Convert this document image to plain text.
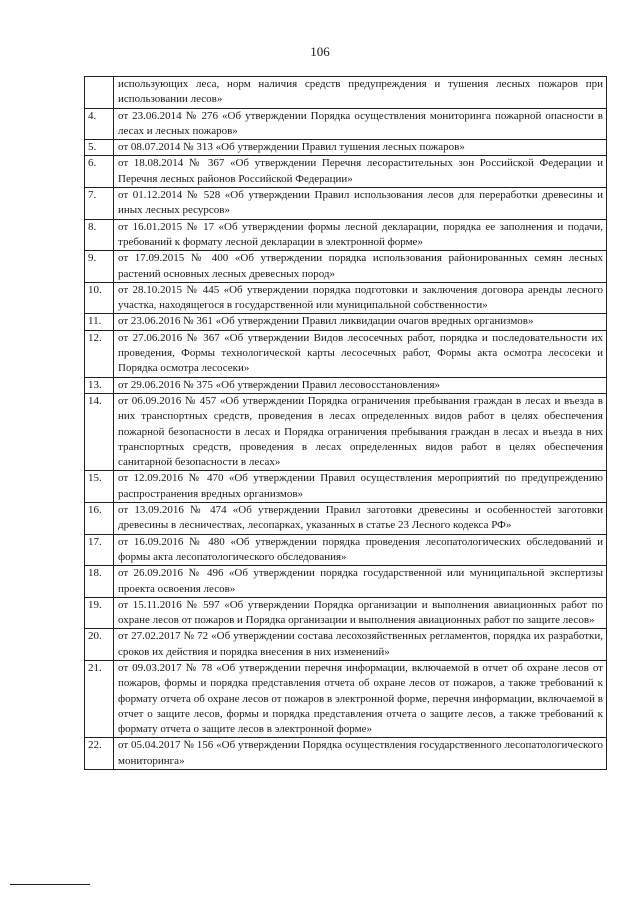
106
	использующих леса, норм наличия средств предупреждения и тушения лесных пожаров при использовании лесов»
4.	от 23.06.2014 № 276 «Об утверждении Порядка осуществления мониторинга пожарной опасности в лесах и лесных пожаров»
5.	от 08.07.2014 № 313 «Об утверждении Правил тушения лесных пожаров»
6.	от 18.08.2014 № 367 «Об утверждении Перечня лесорастительных зон Российской Федерации и Перечня лесных районов Российской Федерации»
7.	от 01.12.2014 № 528 «Об утверждении Правил использования лесов для переработки древесины и иных лесных ресурсов»
8.	от 16.01.2015 № 17 «Об утверждении формы лесной декларации, порядка ее заполнения и подачи, требований к формату лесной декларации в электронной форме»
9.	от 17.09.2015 № 400 «Об утверждении порядка использования районированных семян лесных растений основных лесных древесных пород»
10.	от 28.10.2015 № 445 «Об утверждении порядка подготовки и заключения договора аренды лесного участка, находящегося в государственной или муниципальной собственности»
11.	от 23.06.2016 № 361 «Об утверждении Правил ликвидации очагов вредных организмов»
12.	от 27.06.2016 № 367 «Об утверждении Видов лесосечных работ, порядка и последовательности их проведения, Формы технологической карты лесосечных работ, Формы акта осмотра лесосеки и Порядка осмотра лесосеки»
13.	от 29.06.2016 № 375 «Об утверждении Правил лесовосстановления»
14.	от 06.09.2016 № 457 «Об утверждении Порядка ограничения пребывания граждан в лесах и въезда в них транспортных средств, проведения в лесах определенных видов работ в целях обеспечения пожарной безопасности в лесах и Порядка ограничения пребывания граждан в лесах и въезда в них транспортных средств, проведения в лесах определенных видов работ в целях обеспечения санитарной безопасности в лесах»
15.	от 12.09.2016 № 470 «Об утверждении Правил осуществления мероприятий по предупреждению распространения вредных организмов»
16.	от 13.09.2016 № 474 «Об утверждении Правил заготовки древесины и особенностей заготовки древесины в лесничествах, лесопарках, указанных в статье 23 Лесного кодекса РФ»
17.	от 16.09.2016 № 480 «Об утверждении порядка проведения лесопатологических обследований и формы акта лесопатологического обследования»
18.	от 26.09.2016 № 496 «Об утверждении порядка государственной или муниципальной экспертизы проекта освоения лесов»
19.	от 15.11.2016 № 597 «Об утверждении Порядка организации и выполнения авиационных работ по охране лесов от пожаров и Порядка организации и выполнения авиационных работ по защите лесов»
20.	от 27.02.2017 № 72 «Об утверждении состава лесохозяйственных регламентов, порядка их разработки, сроков их действия и порядка внесения в них изменений»
21.	от 09.03.2017 № 78 «Об утверждении перечня информации, включаемой в отчет об охране лесов от пожаров, формы и порядка представления отчета об охране лесов от пожаров, а также требований к формату отчета об охране лесов от пожаров в электронной форме, перечня информации, включаемой в отчет о защите лесов, формы и порядка представления отчета о защите лесов, а также требований к формату отчета о защите лесов в электронной форме»
22.	от 05.04.2017 № 156 «Об утверждении Порядка осуществления государственного лесопатологического мониторинга»
